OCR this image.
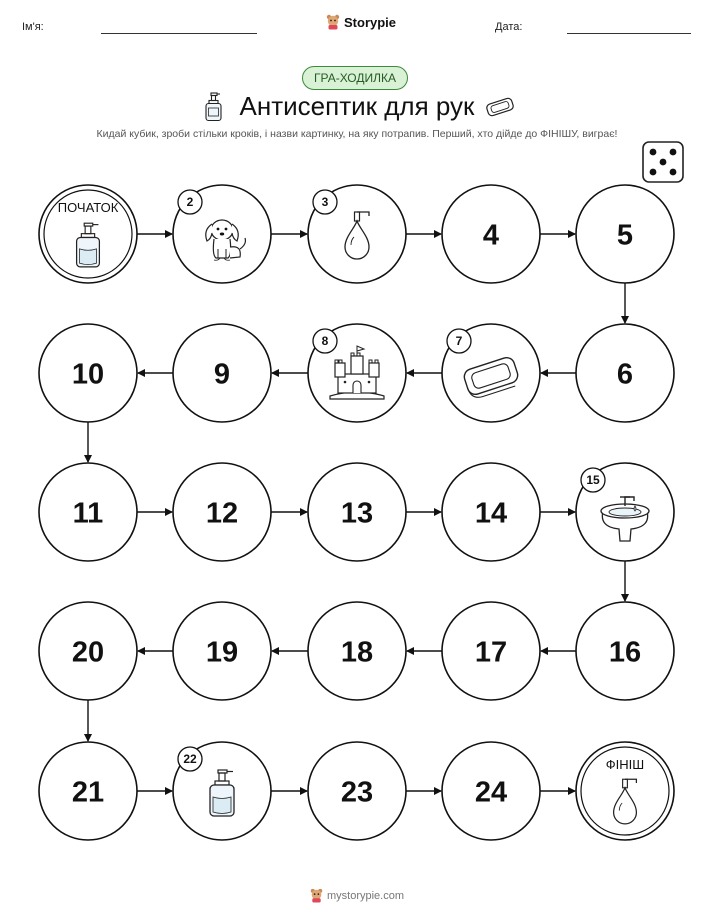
Ім'я:	Storypie	Дата:
ГРА-ХОДИЛКА
Антисептик для рук
Кидай кубик, зроби стільки кроків, і назви картинку, на яку потрапив. Перший, хто дійде до ФІНІШУ, виграє!
ПОЧАТОК	2	3
4	5
6
7
8
9
10
11	12	13	14
15
16
17
18
19
20
21
22
23	24
ФІНІШ
mystorypie.com
